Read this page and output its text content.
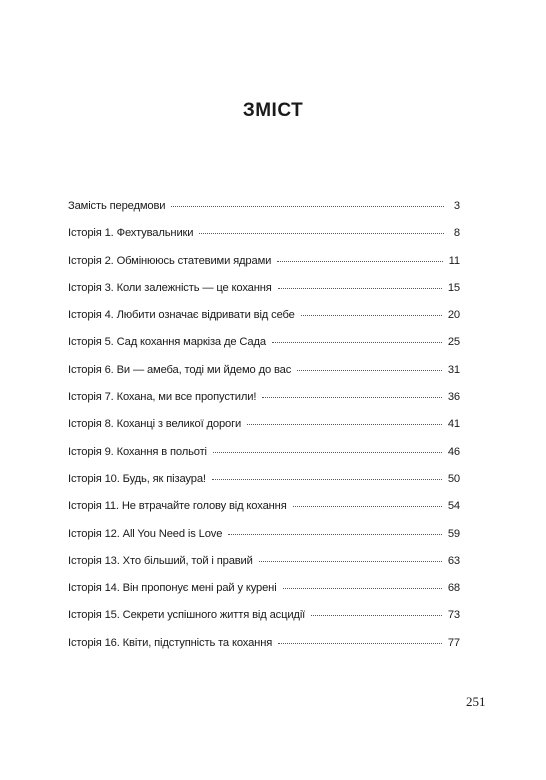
ЗМІСТ
Замість передмови	3
Історія 1. Фехтувальники	8
Історія 2. Обмінююсь статевими ядрами	11
Історія 3. Коли залежність — це кохання	15
Історія 4. Любити означає відривати від себе	20
Історія 5. Сад кохання маркіза де Сада	25
Історія 6. Ви — амеба, тоді ми йдемо до вас	31
Історія 7. Кохана, ми все пропустили!	36
Історія 8. Коханці з великої дороги	41
Історія 9. Кохання в польоті	46
Історія 10. Будь, як пізаура!	50
Історія 11. Не втрачайте голову від кохання	54
Історія 12. All You Need is Love	59
Історія 13. Хто більший, той і правий	63
Історія 14. Він пропонує мені рай у курені	68
Історія 15. Секрети успішного життя від асцидії	73
Історія 16. Квіти, підступність та кохання	77
251
